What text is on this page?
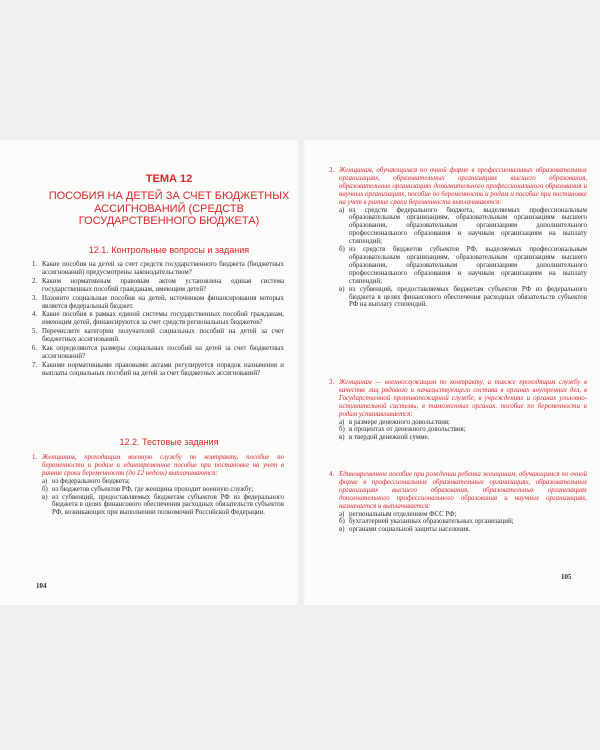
ТЕМА 12
ПОСОБИЯ НА ДЕТЕЙ ЗА СЧЕТ БЮДЖЕТНЫХ АССИГНОВАНИЙ (СРЕДСТВ ГОСУДАРСТВЕННОГО БЮДЖЕТА)
12.1. Контрольные вопросы и задания
1. Какие пособия на детей за счет средств государственного бюджета (бюджетных ассигнований) предусмотрены законодательством?
2. Каким нормативным правовым актом установлена единая система государственных пособий гражданам, имеющим детей?
3. Назовите социальные пособия на детей, источником финансирования которых является федеральный бюджет.
4. Какие пособия в рамках единой системы государственных пособий гражданам, имеющим детей, финансируются за счет средств региональных бюджетов?
5. Перечислите категории получателей социальных пособий на детей за счет бюджетных ассигнований.
6. Как определяются размеры социальных пособий на детей за счет бюджетных ассигнований?
7. Какими нормативными правовыми актами регулируется порядок назначения и выплаты социальных пособий на детей за счет бюджетных ассигнований?
12.2. Тестовые задания
1. Женщинам, проходящим военную службу по контракту, пособие по беременности и родам и единовременное пособие при постановке на учет в ранние сроки беременности (до 12 недель) выплачиваются:
а) из федерального бюджета;
б) из бюджетов субъектов РФ, где женщина проходит военную службу;
в) из субвенций, предоставляемых бюджетам субъектов РФ из федерального бюджета в целях финансового обеспечения расходных обязательств субъектов РФ, возникающих при выполнении полномочий Российской Федерации.
104
2. Женщинам, обучающимся по очной форме в профессиональных образовательных организациях, образовательных организациях высшего образования, образовательных организациях дополнительного профессионального образования и научных организациях, пособие по беременности и родам и пособие при постановке на учет в ранние сроки беременности выплачиваются:
а) из средств федерального бюджета, выделяемых профессиональным образовательным организациям, образовательным организациям высшего образования, образовательным организациям дополнительного профессионального образования и научным организациям на выплату стипендий;
б) из средств бюджетов субъектов РФ, выделяемых профессиональным образовательным организациям, образовательным организациям высшего образования, образовательным организациям дополнительного профессионального образования и научным организациям на выплату стипендий;
в) из субвенций, предоставляемых бюджетам субъектов РФ из федерального бюджета в целях финансового обеспечения расходных обязательств субъектов РФ на выплату стипендий.
3. Женщинам — военнослужащим по контракту, а также проходящим службу в качестве лиц рядового и начальствующего состава в органах внутренних дел, в Государственной противопожарной службе, в учреждениях и органах уголовно-исполнительной системы, в таможенных органах, пособие по беременности и родам устанавливается:
а) в размере денежного довольствия;
б) в процентах от денежного довольствия;
в) в твердой денежной сумме.
4. Единовременное пособие при рождении ребенка женщинам, обучающимся по очной форме в профессиональных образовательных организациях, образовательных организациях высшего образования, образовательных организациях дополнительного профессионального образования и научных организациях, назначается и выплачивается:
а) региональным отделением ФСС РФ;
б) бухгалтерией указанных образовательных организаций;
в) органами социальной защиты населения.
105
